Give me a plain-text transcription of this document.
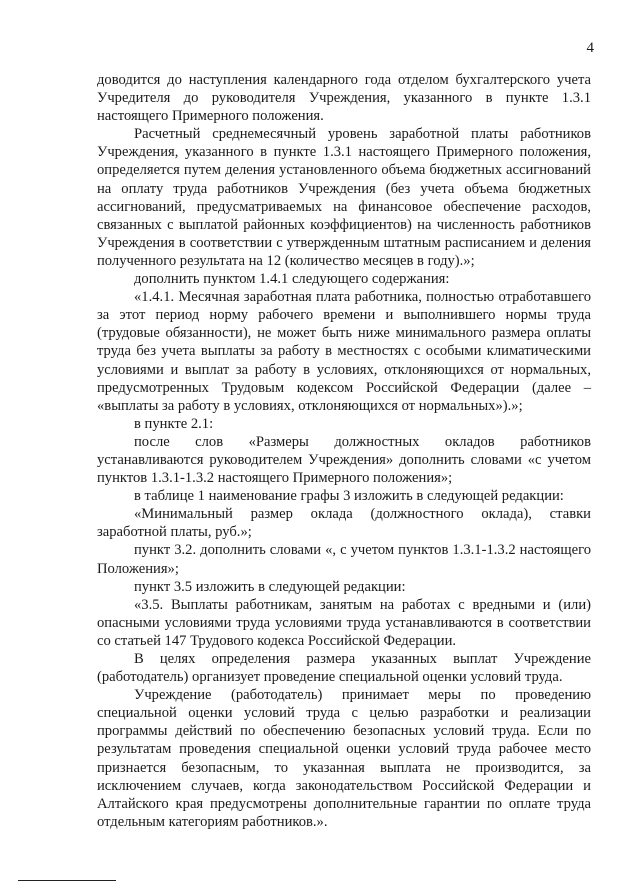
4

доводится до наступления календарного года отделом бухгалтерского учета Учредителя до руководителя Учреждения, указанного в пункте 1.3.1 настоящего Примерного положения.

Расчетный среднемесячный уровень заработной платы работников Учреждения, указанного в пункте 1.3.1 настоящего Примерного положения, определяется путем деления установленного объема бюджетных ассигнований на оплату труда работников Учреждения (без учета объема бюджетных ассигнований, предусматриваемых на финансовое обеспечение расходов, связанных с выплатой районных коэффициентов) на численность работников Учреждения в соответствии с утвержденным штатным расписанием и деления полученного результата на 12 (количество месяцев в году).»;

дополнить пунктом 1.4.1 следующего содержания:

«1.4.1. Месячная заработная плата работника, полностью отработавшего за этот период норму рабочего времени и выполнившего нормы труда (трудовые обязанности), не может быть ниже минимального размера оплаты труда без учета выплаты за работу в местностях с особыми климатическими условиями и выплат за работу в условиях, отклоняющихся от нормальных, предусмотренных Трудовым кодексом Российской Федерации (далее – «выплаты за работу в условиях, отклоняющихся от нормальных»).»;

в пункте 2.1:

после слов «Размеры должностных окладов работников устанавливаются руководителем Учреждения» дополнить словами «с учетом пунктов 1.3.1-1.3.2 настоящего Примерного положения»;

в таблице 1 наименование графы 3 изложить в следующей редакции:

«Минимальный размер оклада (должностного оклада), ставки заработной платы, руб.»;

пункт 3.2. дополнить словами «, с учетом пунктов 1.3.1-1.3.2 настоящего Положения»;

пункт 3.5 изложить в следующей редакции:

«3.5. Выплаты работникам, занятым на работах с вредными и (или) опасными условиями труда условиями труда устанавливаются в соответствии со статьей 147 Трудового кодекса Российской Федерации.

В целях определения размера указанных выплат Учреждение (работодатель) организует проведение специальной оценки условий труда.

Учреждение (работодатель) принимает меры по проведению специальной оценки условий труда с целью разработки и реализации программы действий по обеспечению безопасных условий труда. Если по результатам проведения специальной оценки условий труда рабочее место признается безопасным, то указанная выплата не производится, за исключением случаев, когда законодательством Российской Федерации и Алтайского края предусмотрены дополнительные гарантии по оплате труда отдельным категориям работников.».
